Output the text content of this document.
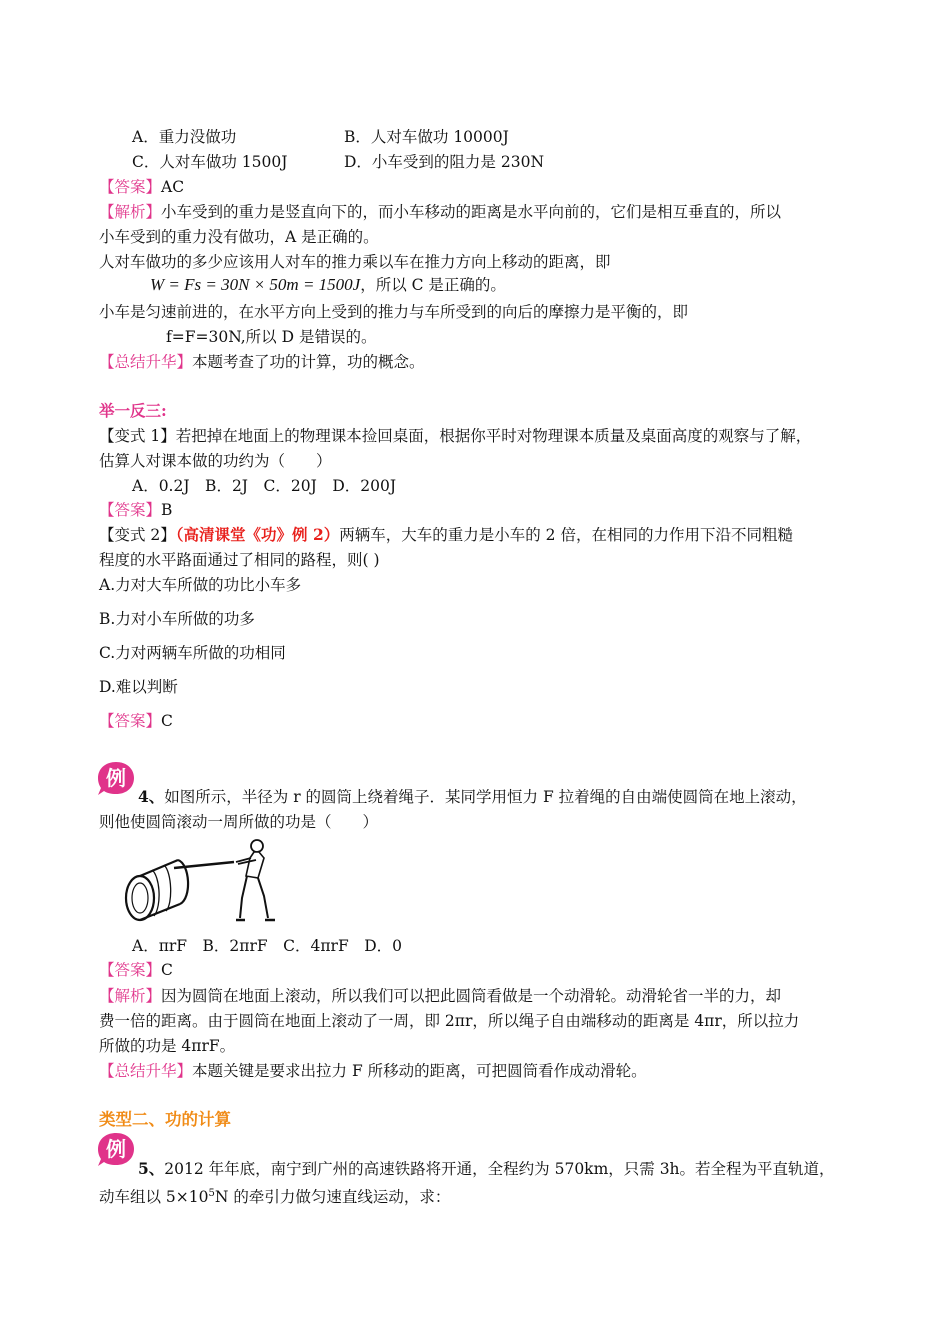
A．重力没做功	B．人对车做功 10000J
C．人对车做功 1500J	D．小车受到的阻力是 230N
【答案】AC
【解析】小车受到的重力是竖直向下的，而小车移动的距离是水平向前的，它们是相互垂直的，所以
小车受到的重力没有做功，A 是正确的。
人对车做功的多少应该用人对车的推力乘以车在推力方向上移动的距离，即
W = Fs = 30N × 50m = 1500J，所以 C 是正确的。
小车是匀速前进的，在水平方向上受到的推力与车所受到的向后的摩擦力是平衡的，即
f=F=30N,所以 D 是错误的。
【总结升华】本题考查了功的计算，功的概念。
举一反三:
【变式 1】若把掉在地面上的物理课本捡回桌面，根据你平时对物理课本质量及桌面高度的观察与了解，
估算人对课本做的功约为（　　）
A．0.2J　B．2J　C．20J　D．200J
【答案】B
【变式 2】（高清课堂《功》例 2）两辆车，大车的重力是小车的 2 倍，在相同的力作用下沿不同粗糙
程度的水平路面通过了相同的路程，则( )
A.力对大车所做的功比小车多
B.力对小车所做的功多
C.力对两辆车所做的功相同
D.难以判断
【答案】C
例
4、如图所示，半径为 r 的圆筒上绕着绳子．某同学用恒力 F 拉着绳的自由端使圆筒在地上滚动，
则他使圆筒滚动一周所做的功是（　　）
A．πrF　B．2πrF　C．4πrF　D．0
【答案】C
【解析】因为圆筒在地面上滚动，所以我们可以把此圆筒看做是一个动滑轮。动滑轮省一半的力，却
费一倍的距离。由于圆筒在地面上滚动了一周，即 2πr，所以绳子自由端移动的距离是 4πr，所以拉力
所做的功是 4πrF。
【总结升华】本题关键是要求出拉力 F 所移动的距离，可把圆筒看作成动滑轮。
类型二、功的计算
例
5、2012 年年底，南宁到广州的高速铁路将开通，全程约为 570km，只需 3h。若全程为平直轨道，
动车组以 $5\times 10^5N$ 的牵引力做匀速直线运动，求：
